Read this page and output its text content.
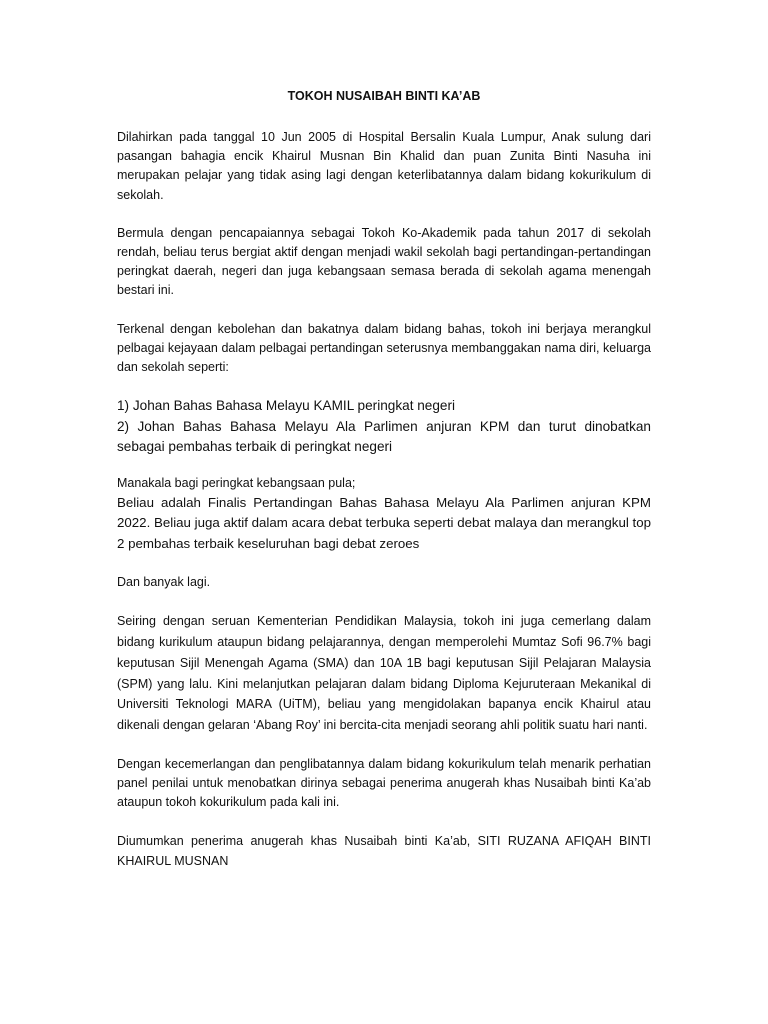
TOKOH NUSAIBAH BINTI KA’AB

Dilahirkan pada tanggal 10 Jun 2005 di Hospital Bersalin Kuala Lumpur, Anak sulung dari pasangan bahagia encik Khairul Musnan Bin Khalid dan puan Zunita Binti Nasuha ini merupakan pelajar yang tidak asing lagi dengan keterlibatannya dalam bidang kokurikulum di sekolah.

Bermula dengan pencapaiannya sebagai Tokoh Ko-Akademik pada tahun 2017 di sekolah rendah, beliau terus bergiat aktif dengan menjadi wakil sekolah bagi pertandingan-pertandingan peringkat daerah, negeri dan juga kebangsaan semasa berada di sekolah agama menengah bestari ini.

Terkenal dengan kebolehan dan bakatnya dalam bidang bahas, tokoh ini berjaya merangkul pelbagai kejayaan dalam pelbagai pertandingan seterusnya membanggakan nama diri, keluarga dan sekolah seperti:

1) Johan Bahas Bahasa Melayu KAMIL peringkat negeri

2) Johan Bahas Bahasa Melayu Ala Parlimen anjuran KPM dan turut dinobatkan sebagai pembahas terbaik di peringkat negeri

Manakala bagi peringkat kebangsaan pula;

Beliau adalah Finalis Pertandingan Bahas Bahasa Melayu Ala Parlimen anjuran KPM 2022. Beliau juga aktif dalam acara debat terbuka seperti debat malaya dan merangkul top 2 pembahas terbaik keseluruhan bagi debat zeroes

Dan banyak lagi.

Seiring dengan seruan Kementerian Pendidikan Malaysia, tokoh ini juga cemerlang dalam bidang kurikulum ataupun bidang pelajarannya, dengan memperolehi Mumtaz Sofi 96.7% bagi keputusan Sijil Menengah Agama (SMA) dan 10A 1B bagi keputusan Sijil Pelajaran Malaysia (SPM) yang lalu. Kini melanjutkan pelajaran dalam bidang Diploma Kejuruteraan Mekanikal di Universiti Teknologi MARA (UiTM), beliau yang mengidolakan bapanya encik Khairul atau dikenali dengan gelaran ‘Abang Roy’ ini bercita-cita menjadi seorang ahli politik suatu hari nanti.

Dengan kecemerlangan dan penglibatannya dalam bidang kokurikulum telah menarik perhatian panel penilai untuk menobatkan dirinya sebagai penerima anugerah khas Nusaibah binti Ka’ab ataupun tokoh kokurikulum pada kali ini.

Diumumkan penerima anugerah khas Nusaibah binti Ka’ab, SITI RUZANA AFIQAH BINTI KHAIRUL MUSNAN
